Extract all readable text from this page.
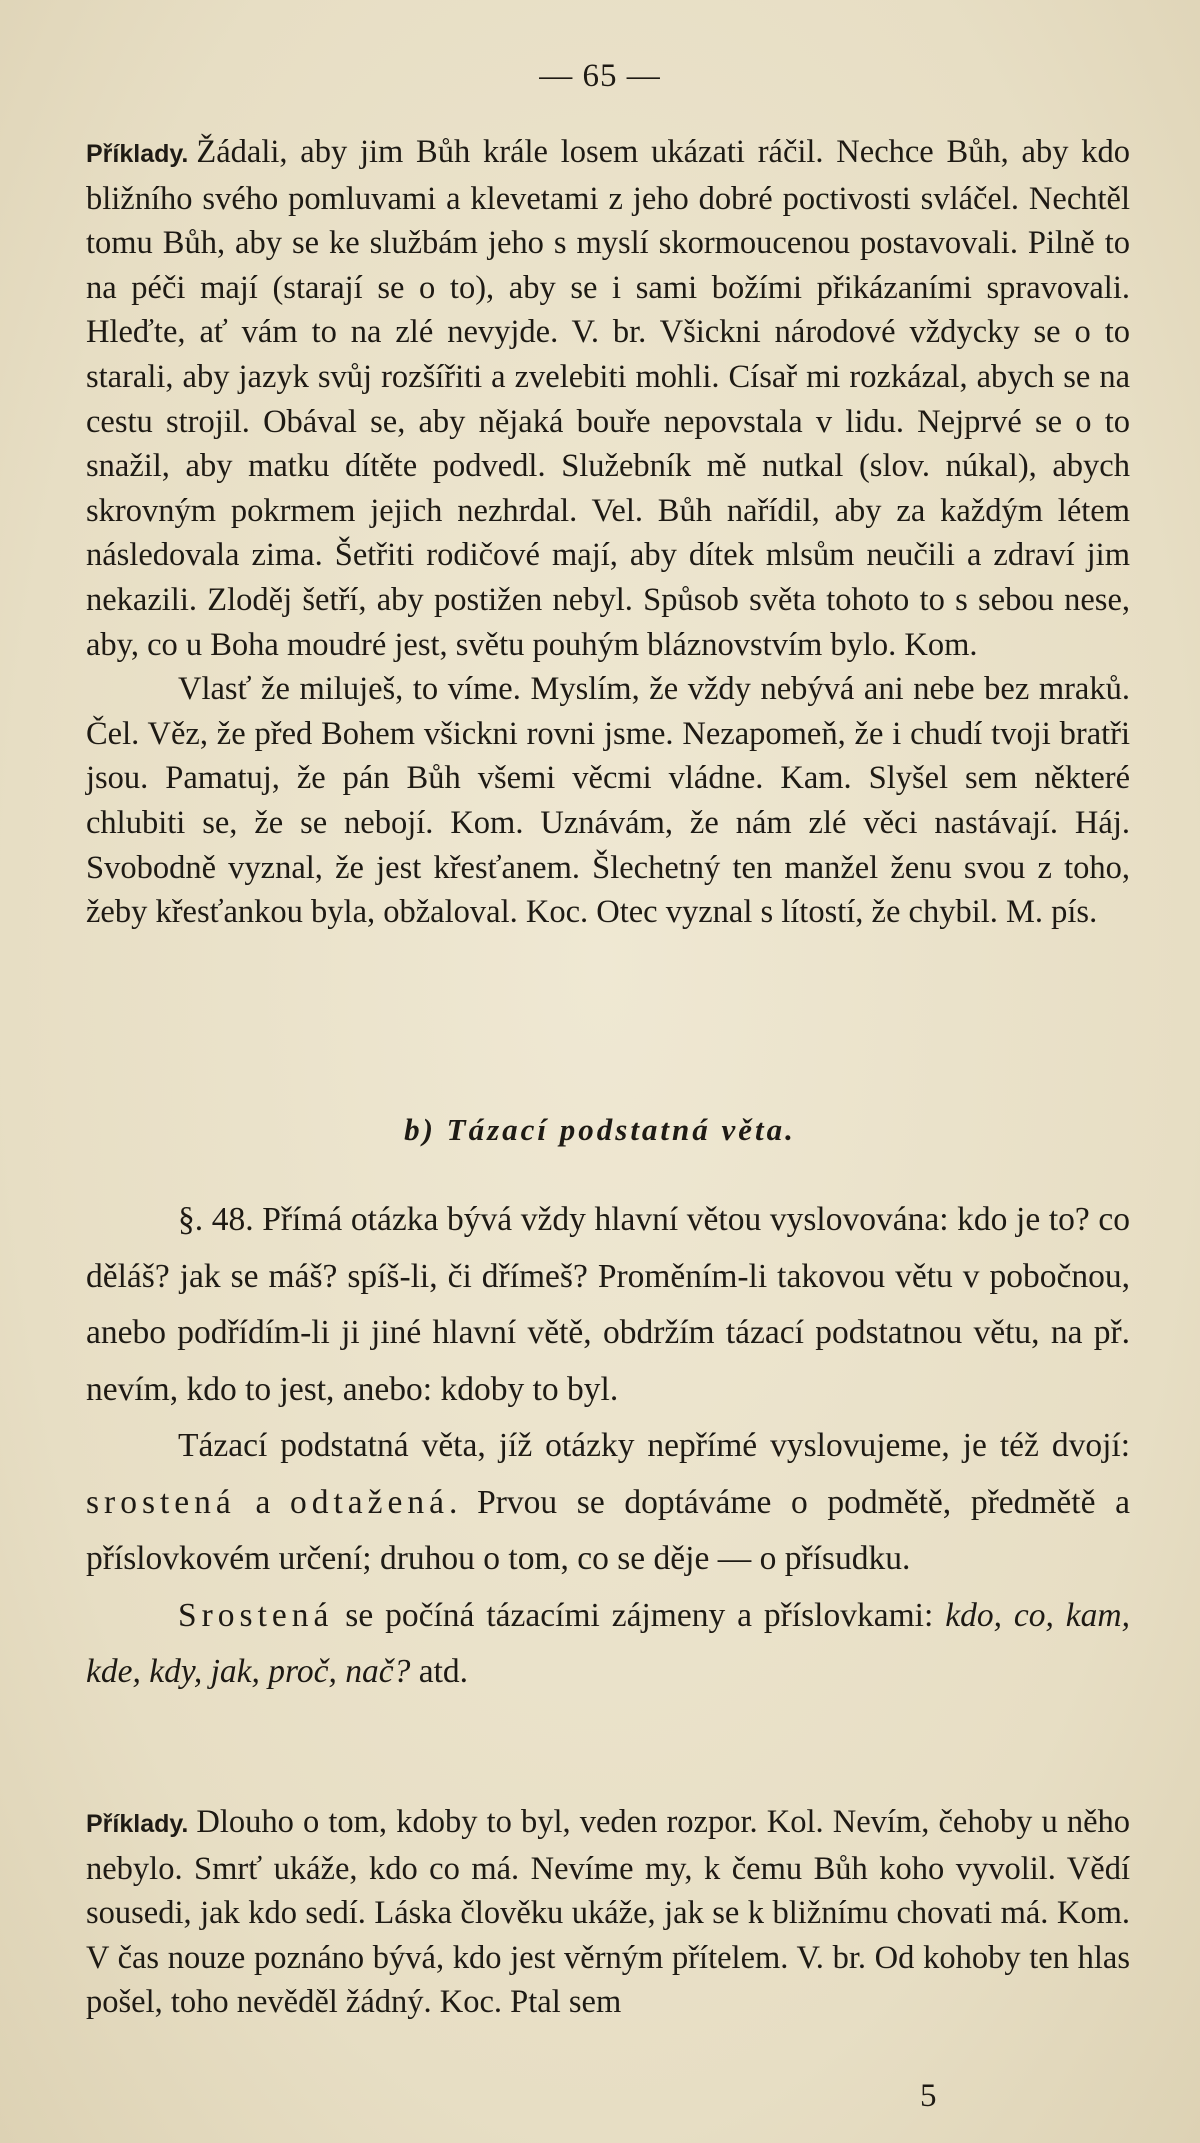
— 65 —

Příklady. Žádali, aby jim Bůh krále losem ukázati ráčil. Nechce Bůh, aby kdo bližního svého pomluvami a klevetami z jeho dobré poctivosti svláčel. Nechtěl tomu Bůh, aby se ke službám jeho s myslí skormoucenou postavovali. Pilně to na péči mají (starají se o to), aby se i sami božími přikázaními spravovali. Hleďte, ať vám to na zlé nevyjde. V. br. Všickni národové vždycky se o to starali, aby jazyk svůj rozšířiti a zvelebiti mohli. Císař mi rozkázal, abych se na cestu strojil. Obával se, aby nějaká bouře nepovstala v lidu. Nejprvé se o to snažil, aby matku dítěte podvedl. Služebník mě nutkal (slov. núkal), abych skrovným pokrmem jejich nezhrdal. Vel. Bůh nařídil, aby za každým létem následovala zima. Šetřiti rodičové mají, aby dítek mlsům neučili a zdraví jim nekazili. Zloděj šetří, aby postižen nebyl. Spůsob světa tohoto to s sebou nese, aby, co u Boha moudré jest, světu pouhým bláznovstvím bylo. Kom.

Vlasť že miluješ, to víme. Myslím, že vždy nebývá ani nebe bez mraků. Čel. Věz, že před Bohem všickni rovni jsme. Nezapomeň, že i chudí tvoji bratři jsou. Pamatuj, že pán Bůh všemi věcmi vládne. Kam. Slyšel sem některé chlubiti se, že se nebojí. Kom. Uznávám, že nám zlé věci nastávají. Háj. Svobodně vyznal, že jest křesťanem. Šlechetný ten manžel ženu svou z toho, žeby křesťankou byla, obžaloval. Koc. Otec vyznal s lítostí, že chybil. M. pís.

b) Tázací podstatná věta.

§. 48. Přímá otázka bývá vždy hlavní větou vyslovována: kdo je to? co děláš? jak se máš? spíš-li, či dřímeš? Proměním-li takovou větu v pobočnou, anebo podřídím-li ji jiné hlavní větě, obdržím tázací podstatnou větu, na př. nevím, kdo to jest, anebo: kdoby to byl.

Tázací podstatná věta, jíž otázky nepřímé vyslovujeme, je též dvojí: srostená a odtažená. Prvou se doptáváme o podmětě, předmětě a příslovkovém určení; druhou o tom, co se děje — o přísudku.

Srostená se počíná tázacími zájmeny a příslovkami: kdo, co, kam, kde, kdy, jak, proč, nač? atd.

Příklady. Dlouho o tom, kdoby to byl, veden rozpor. Kol. Nevím, čehoby u něho nebylo. Smrť ukáže, kdo co má. Nevíme my, k čemu Bůh koho vyvolil. Vědí sousedi, jak kdo sedí. Láska člověku ukáže, jak se k bližnímu chovati má. Kom. V čas nouze poznáno bývá, kdo jest věrným přítelem. V. br. Od kohoby ten hlas pošel, toho nevěděl žádný. Koc. Ptal sem

5
